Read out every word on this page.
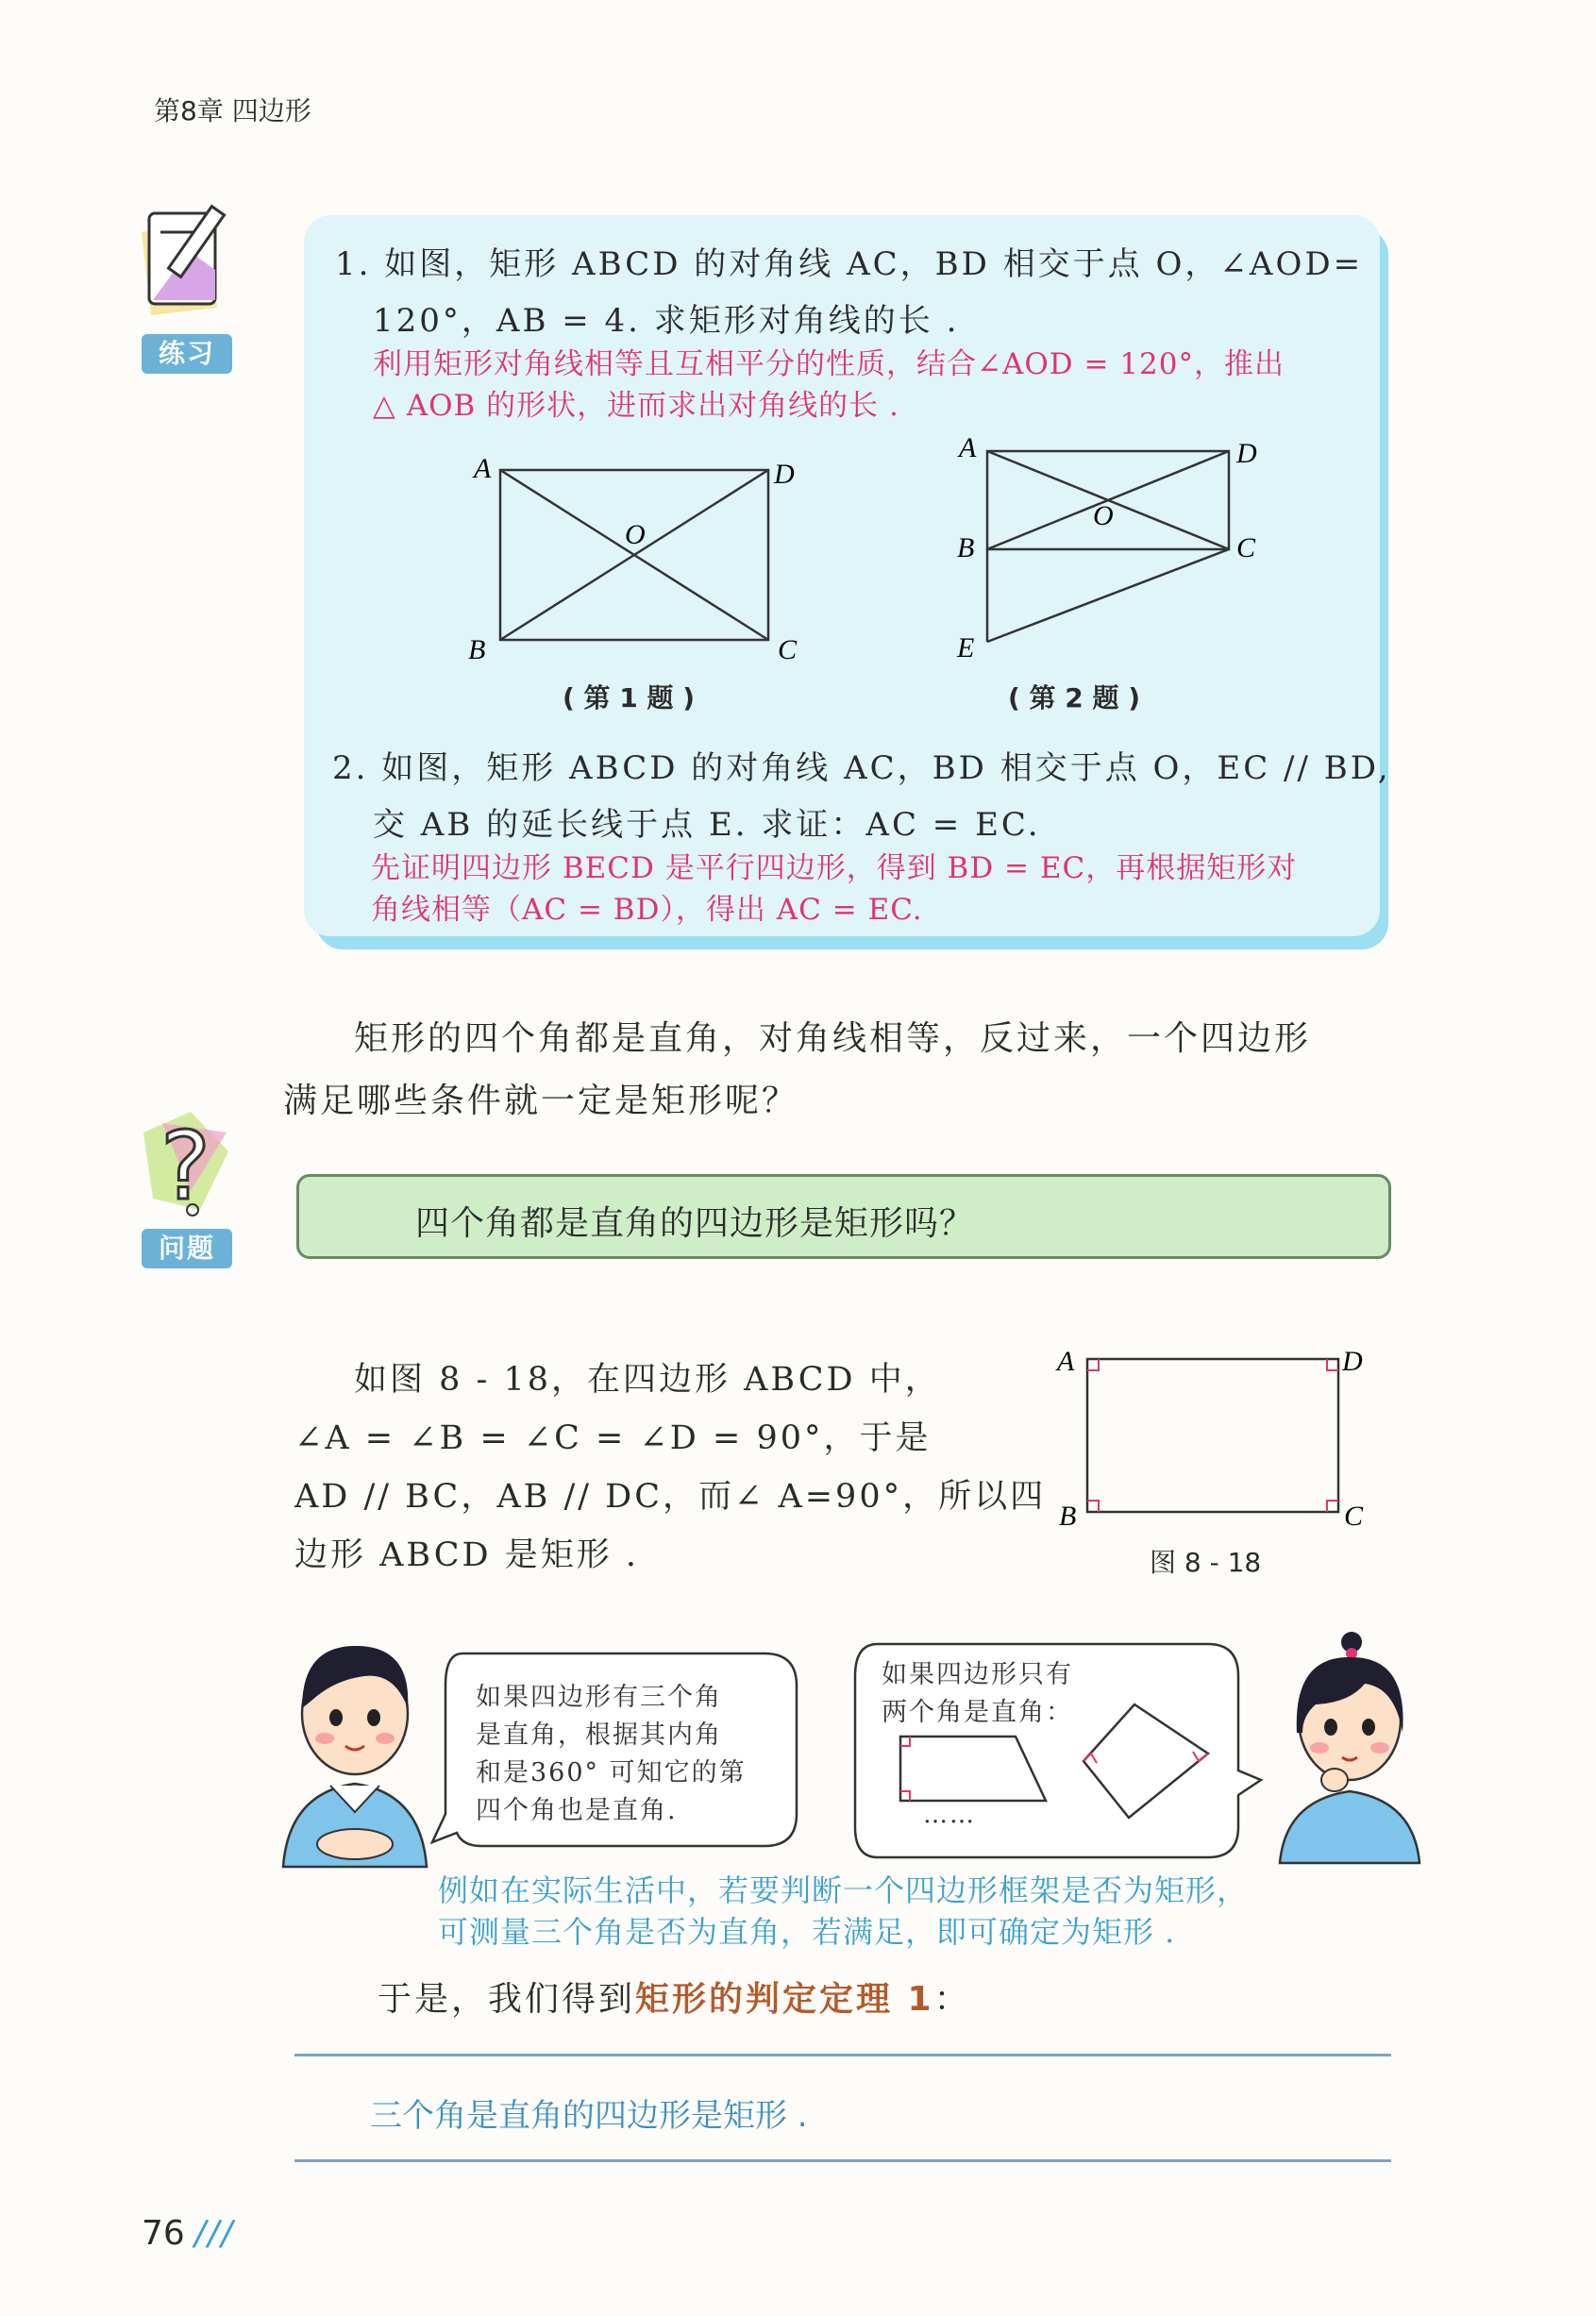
第8章 四边形
练习
1. 如图，矩形 ABCD 的对角线 AC，BD 相交于点 O，∠AOD=
120°，AB = 4. 求矩形对角线的长 .
利用矩形对角线相等且互相平分的性质，结合∠AOD = 120°，推出
△ AOB 的形状，进而求出对角线的长 .
A	D
O
B	C
( 第 1 题 )
A	D
O
B	C
E
( 第 2 题 )
2. 如图，矩形 ABCD 的对角线 AC，BD 相交于点 O，EC // BD,
交 AB 的延长线于点 E. 求证：AC = EC.
先证明四边形 BECD 是平行四边形，得到 BD = EC，再根据矩形对
角线相等（AC = BD），得出 AC = EC.
矩形的四个角都是直角，对角线相等，反过来，一个四边形
满足哪些条件就一定是矩形呢？
?
问题
四个角都是直角的四边形是矩形吗？
如图 8 - 18，在四边形 ABCD 中，
∠A = ∠B = ∠C = ∠D = 90°，于是
AD // BC，AB // DC，而∠ A=90°，所以四
边形 ABCD 是矩形 .
A	D
B	C
图 8 - 18
如果四边形有三个角
是直角，根据其内角
和是360° 可知它的第
四个角也是直角.
如果四边形只有
两个角是直角：
……
例如在实际生活中，若要判断一个四边形框架是否为矩形，
可测量三个角是否为直角，若满足，即可确定为矩形 .
于是，我们得到矩形的判定定理 1：
三个角是直角的四边形是矩形 .
76 ///
